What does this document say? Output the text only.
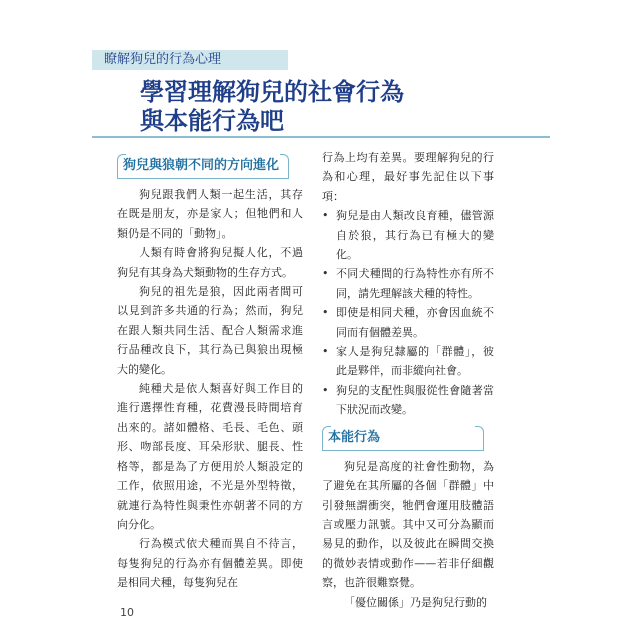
瞭解狗兒的行為心理
學習理解狗兒的社會行為
與本能行為吧
狗兒與狼朝不同的方向進化

狗兒跟我們人類一起生活，其存在既是朋友，亦是家人；但牠們和人類仍是不同的「動物」。

人類有時會將狗兒擬人化，不過狗兒有其身為犬類動物的生存方式。

狗兒的祖先是狼，因此兩者間可以見到許多共通的行為；然而，狗兒在跟人類共同生活、配合人類需求進行品種改良下，其行為已與狼出現極大的變化。

純種犬是依人類喜好與工作目的進行選擇性育種，花費漫長時間培育出來的。諸如體格、毛長、毛色、頭形、吻部長度、耳朵形狀、腿長、性格等，都是為了方便用於人類設定的工作，依照用途，不光是外型特徵，就連行為特性與秉性亦朝著不同的方向分化。

行為模式依犬種而異自不待言，每隻狗兒的行為亦有個體差異。即使是相同犬種，每隻狗兒在

行為上均有差異。要理解狗兒的行為和心理，最好事先記住以下事項：

• 狗兒是由人類改良育種，儘管源自於狼，其行為已有極大的變化。
• 不同犬種間的行為特性亦有所不同，請先理解該犬種的特性。
• 即使是相同犬種，亦會因血統不同而有個體差異。
• 家人是狗兒隸屬的「群體」，彼此是夥伴，而非縱向社會。
• 狗兒的支配性與服從性會隨著當下狀況而改變。
本能行為

狗兒是高度的社會性動物，為了避免在其所屬的各個「群體」中引發無謂衝突，牠們會運用肢體語言或壓力訊號。其中又可分為顯而易見的動作，以及彼此在瞬間交換的微妙表情或動作——若非仔細觀察，也許很難察覺。

「優位關係」乃是狗兒行動的

10
